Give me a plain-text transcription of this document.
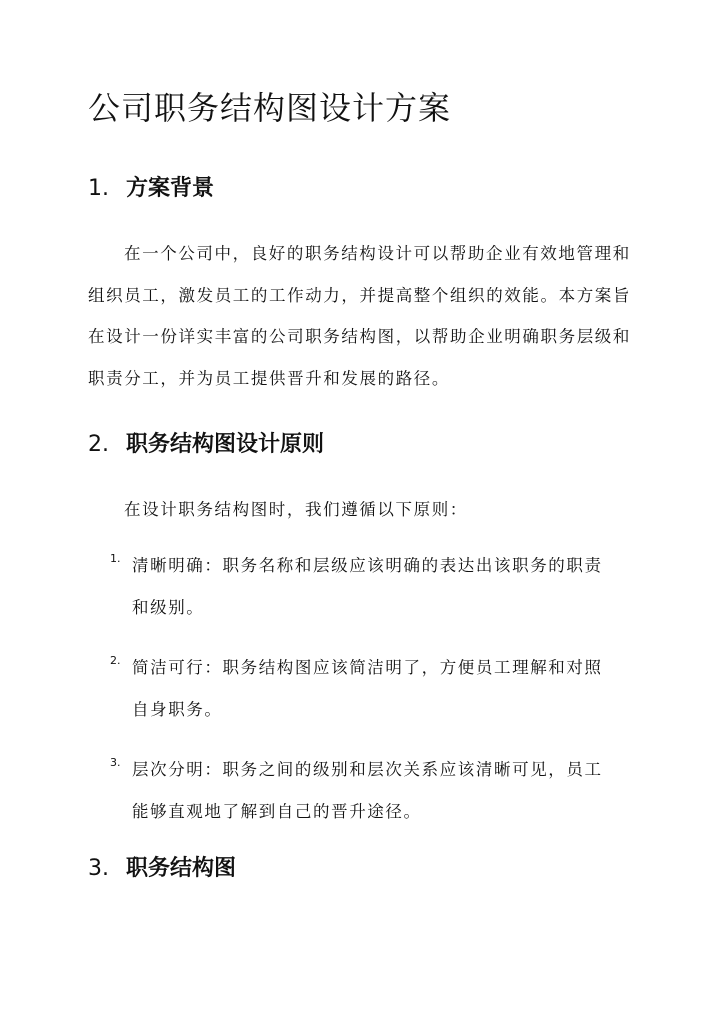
公司职务结构图设计方案
1. 方案背景

在一个公司中，良好的职务结构设计可以帮助企业有效地管理和组织员工，激发员工的工作动力，并提高整个组织的效能。本方案旨在设计一份详实丰富的公司职务结构图，以帮助企业明确职务层级和职责分工，并为员工提供晋升和发展的路径。

2. 职务结构图设计原则

在设计职务结构图时，我们遵循以下原则：

1. 清晰明确：职务名称和层级应该明确的表达出该职务的职责和级别。
2. 简洁可行：职务结构图应该简洁明了，方便员工理解和对照自身职务。
3. 层次分明：职务之间的级别和层次关系应该清晰可见，员工能够直观地了解到自己的晋升途径。
3. 职务结构图
